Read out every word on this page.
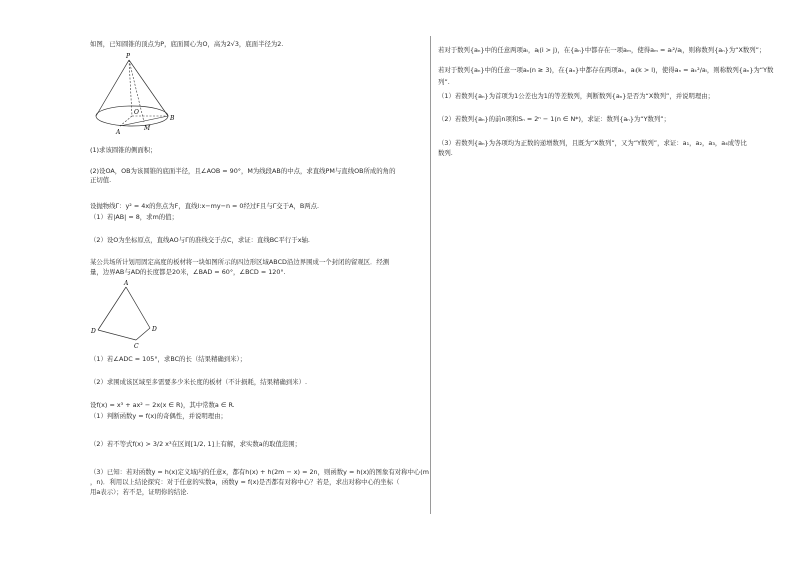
如图，已知圆锥的顶点为P，底面圆心为O，高为2√3，底面半径为2.
P
O
B
A
M
(1)求该圆锥的侧面积；
(2)设OA，OB为该圆锥的底面半径，且∠AOB = 90°，M为线段AB的中点，求直线PM与直线OB所成的角的
正切值.
设抛物线Γ：y² = 4x的焦点为F，直线l:x−my−n = 0经过F且与Γ交于A，B两点.
（1）若|AB| = 8，求m的值；
（2）设O为坐标原点，直线AO与Γ的准线交于点C，求证：直线BC平行于x轴.
某公共场所计划用固定高度的板材将一块如图所示的四边形区域ABCD沿边界围成一个封闭的留观区．经测
量，边界AB与AD的长度都是20米，∠BAD = 60°，∠BCD = 120°.
A
D	D
C
（1）若∠ADC = 105°，求BC的长（结果精确到米）；
（2）求围成该区域至多需要多少米长度的板材（不计损耗，结果精确到米）.
设f(x) = x³ + ax² − 2x(x ∈ R)，其中常数a ∈ R.
（1）判断函数y = f(x)的奇偶性，并说明理由；
（2）若不等式f(x) > 3/2 x³在区间[1/2, 1]上有解，求实数a的取值范围；
（3）已知：若对函数y = h(x)定义域内的任意x，都有h(x) + h(2m − x) = 2n，则函数y = h(x)的图象有对称中心(m
，n)．利用以上结论探究：对于任意的实数a，函数y = f(x)是否都有对称中心？若是，求出对称中心的坐标（
用a表示）；若不是，证明你的结论.
若对于数列{aₙ}中的任意两项aᵢ，aⱼ(i > j)，在{aₙ}中都存在一项aₘ，使得aₘ = aᵢ²/aⱼ，则称数列{aₙ}为“X数列”；
若对于数列{aₙ}中的任意一项aₙ(n ≥ 3)，在{aₙ}中都存在两项aₖ，aₗ(k > l)，使得aₙ = aₖ²/aₗ，则称数列{aₙ}为“Y数
列”.
（1）若数列{aₙ}为首项为1公差也为1的等差数列，判断数列{aₙ}是否为“X数列”，并说明理由；
（2）若数列{aₙ}的前n项和Sₙ = 2ⁿ − 1(n ∈ N*)，求证：数列{aₙ}为“Y数列”；
（3）若数列{aₙ}为各项均为正数的递增数列，且既为“X数列”，又为“Y数列”，求证：a₁，a₂，a₃，a₄成等比
数列.
